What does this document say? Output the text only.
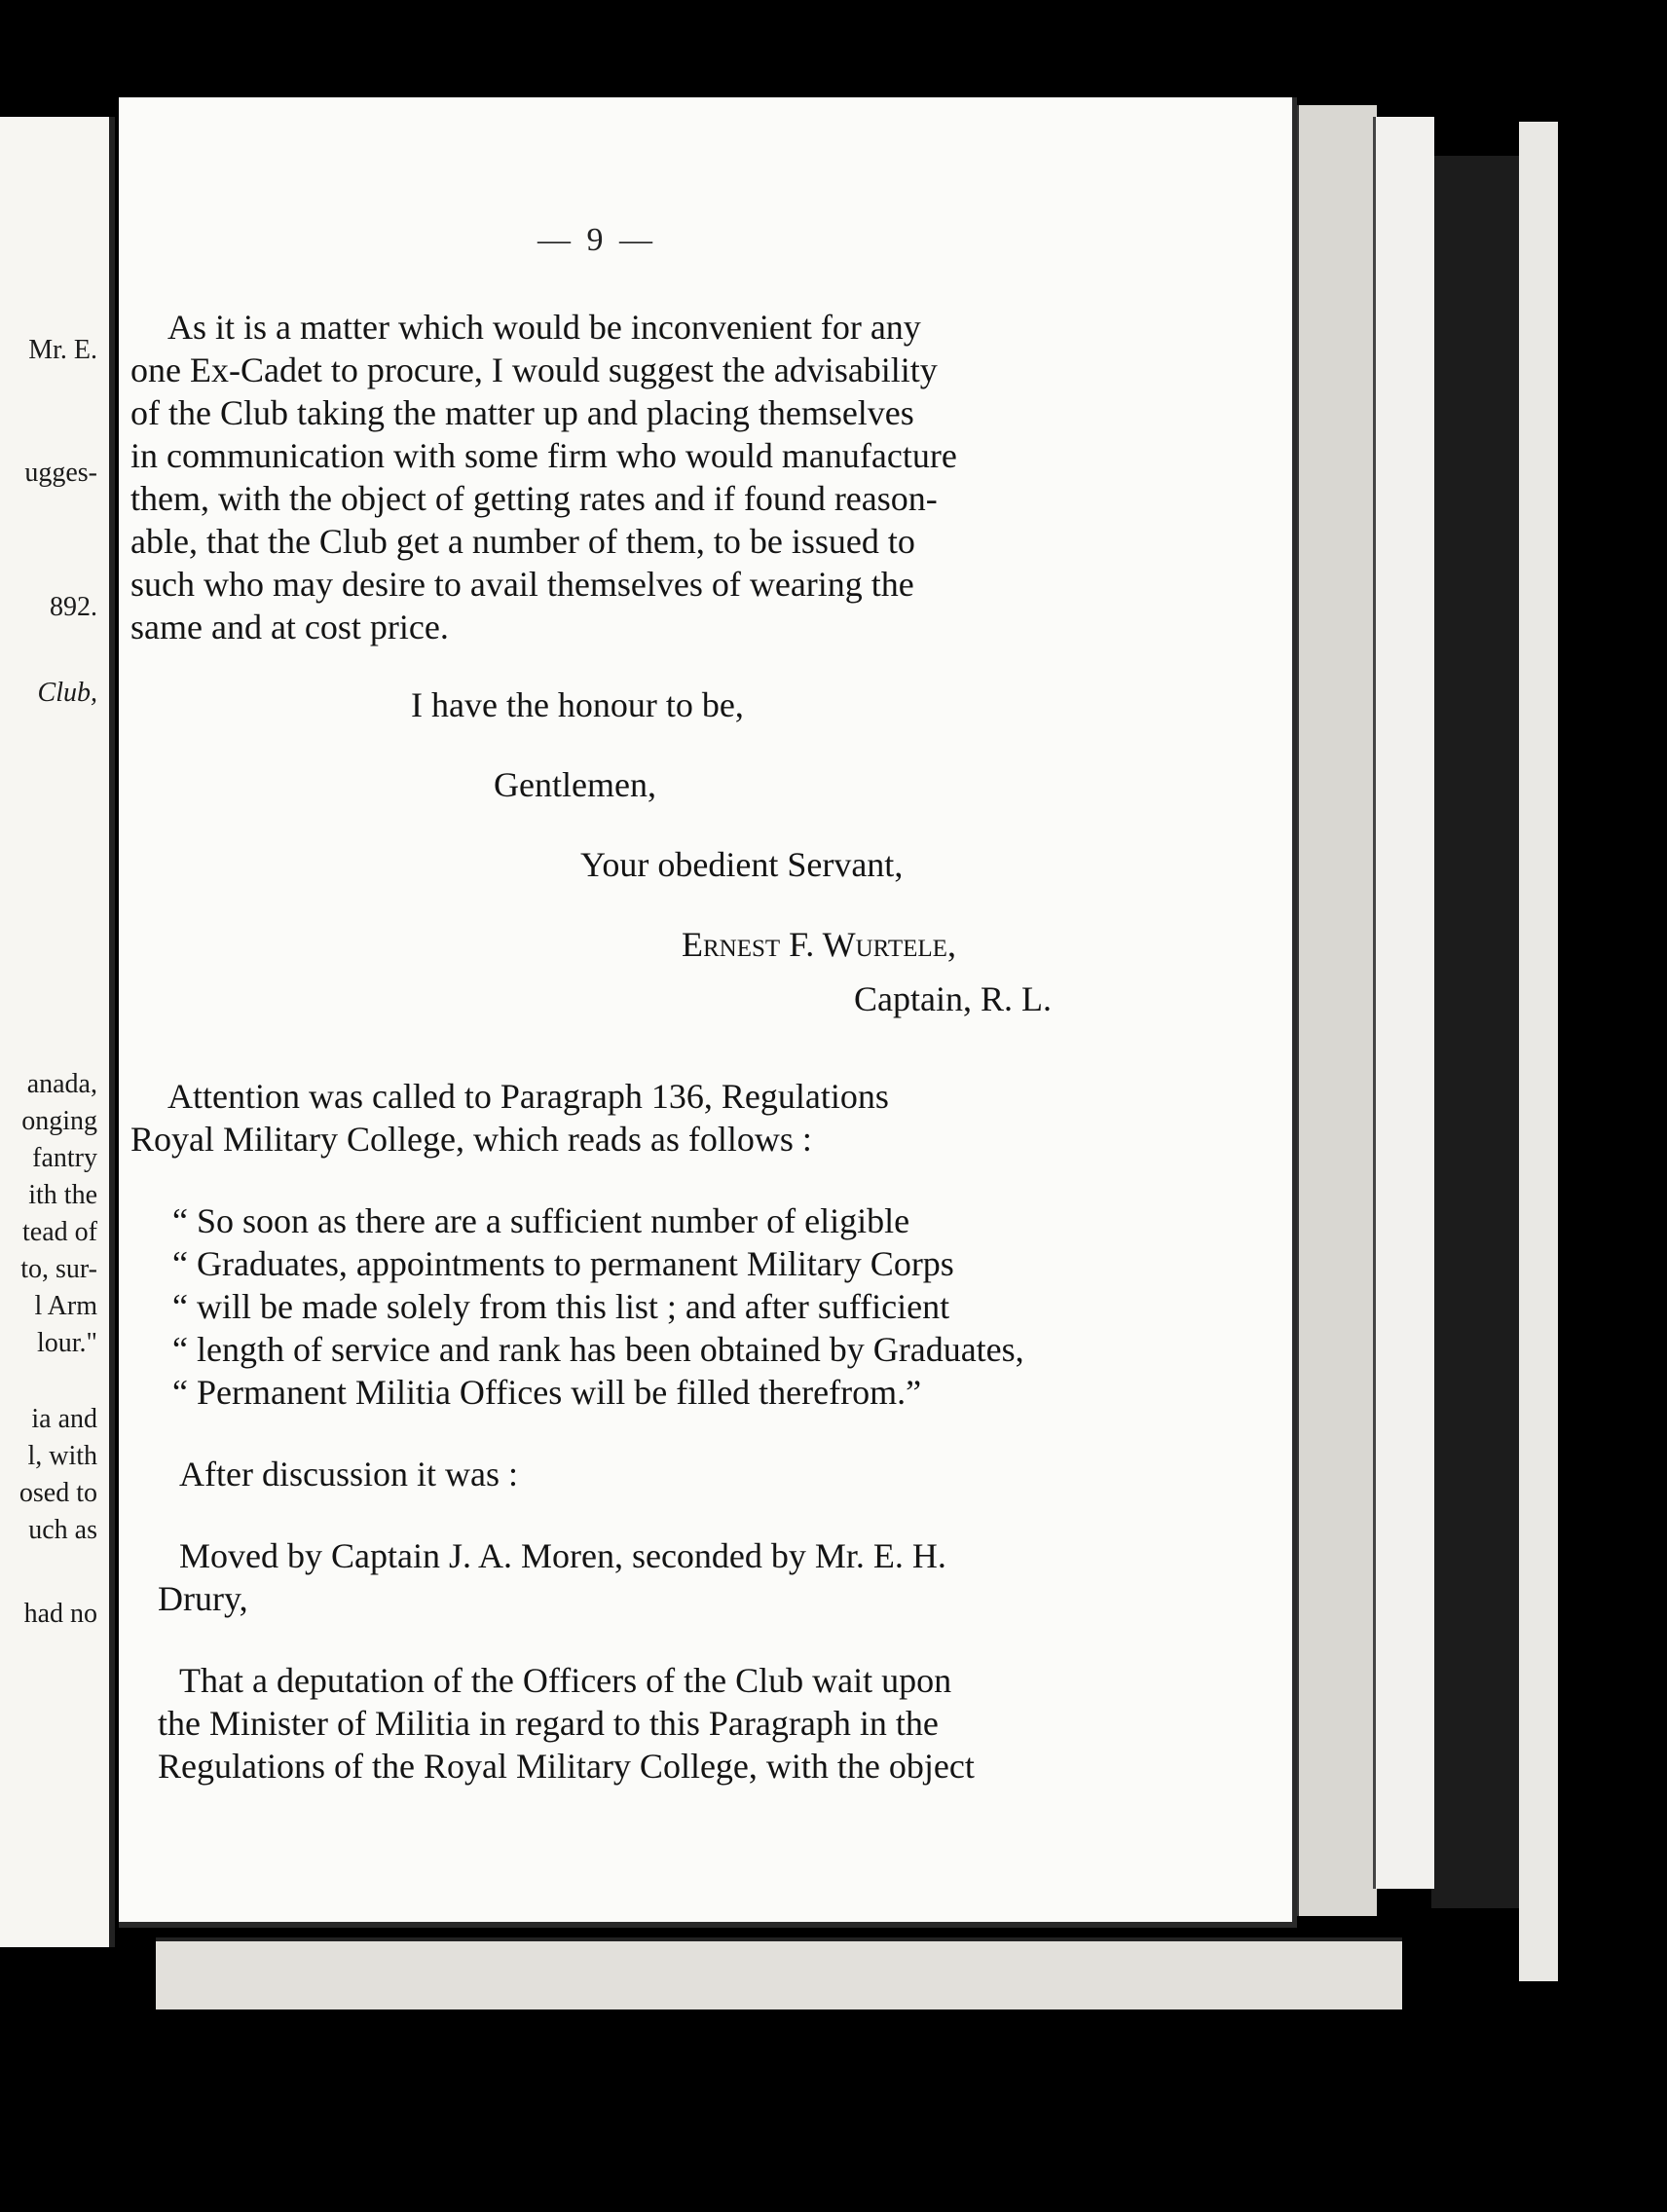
Mr. E.
ugges-
892.
Club,
anada,
onging
fantry
ith the
tead of
to, sur-
l Arm
lour."
ia and
l, with
osed to
uch as
had no
— 9 —
As it is a matter which would be inconvenient for any
one Ex-Cadet to procure, I would suggest the advisability
of the Club taking the matter up and placing themselves
in communication with some firm who would manufacture
them, with the object of getting rates and if found reason-
able, that the Club get a number of them, to be issued to
such who may desire to avail themselves of wearing the
same and at cost price.
I have the honour to be,
Gentlemen,
Your obedient Servant,
Ernest F. Wurtele,
Captain, R. L.
Attention was called to Paragraph 136, Regulations
Royal Military College, which reads as follows :
“ So soon as there are a sufficient number of eligible
“ Graduates, appointments to permanent Military Corps
“ will be made solely from this list ; and after sufficient
“ length of service and rank has been obtained by Graduates,
“ Permanent Militia Offices will be filled therefrom.”
After discussion it was :
Moved by Captain J. A. Moren, seconded by Mr. E. H.
Drury,
That a deputation of the Officers of the Club wait upon
the Minister of Militia in regard to this Paragraph in the
Regulations of the Royal Military College, with the object
